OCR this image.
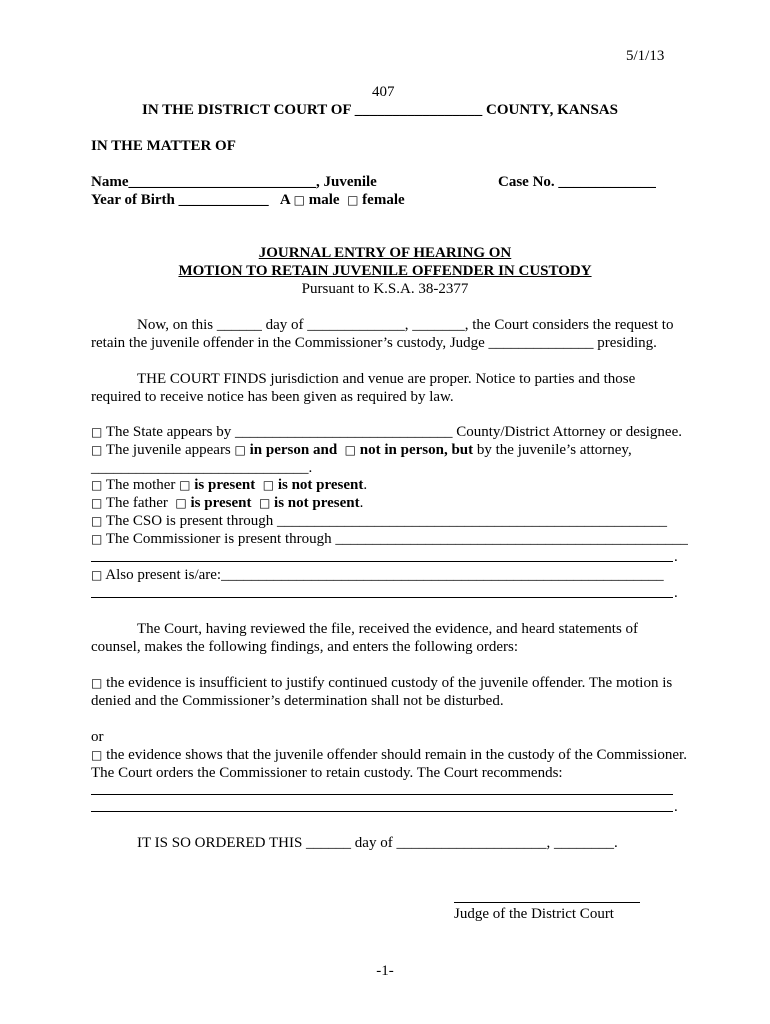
5/1/13
407
IN THE DISTRICT COURT OF _________________ COUNTY, KANSAS
IN THE MATTER OF
Name_________________________, Juvenile	Case No. _____________
Year of Birth ____________ A □ male □ female
JOURNAL ENTRY OF HEARING ON
MOTION TO RETAIN JUVENILE OFFENDER IN CUSTODY
Pursuant to K.S.A. 38-2377
Now, on this ______ day of _____________, _______, the Court considers the request to
retain the juvenile offender in the Commissioner’s custody, Judge ______________ presiding.
THE COURT FINDS jurisdiction and venue are proper. Notice to parties and those
required to receive notice has been given as required by law.
□ The State appears by _____________________________ County/District Attorney or designee.
□ The juvenile appears □ in person and □ not in person, but by the juvenile’s attorney,
_____________________________.
□ The mother □ is present □ is not present.
□ The father □ is present □ is not present.
□ The CSO is present through ____________________________________________________
□ The Commissioner is present through _______________________________________________
.
□ Also present is/are:___________________________________________________________
.
The Court, having reviewed the file, received the evidence, and heard statements of
counsel, makes the following findings, and enters the following orders:
□ the evidence is insufficient to justify continued custody of the juvenile offender. The motion is
denied and the Commissioner’s determination shall not be disturbed.
or
□ the evidence shows that the juvenile offender should remain in the custody of the Commissioner.
The Court orders the Commissioner to retain custody. The Court recommends:
.
IT IS SO ORDERED THIS ______ day of ____________________, ________.
Judge of the District Court
-1-
